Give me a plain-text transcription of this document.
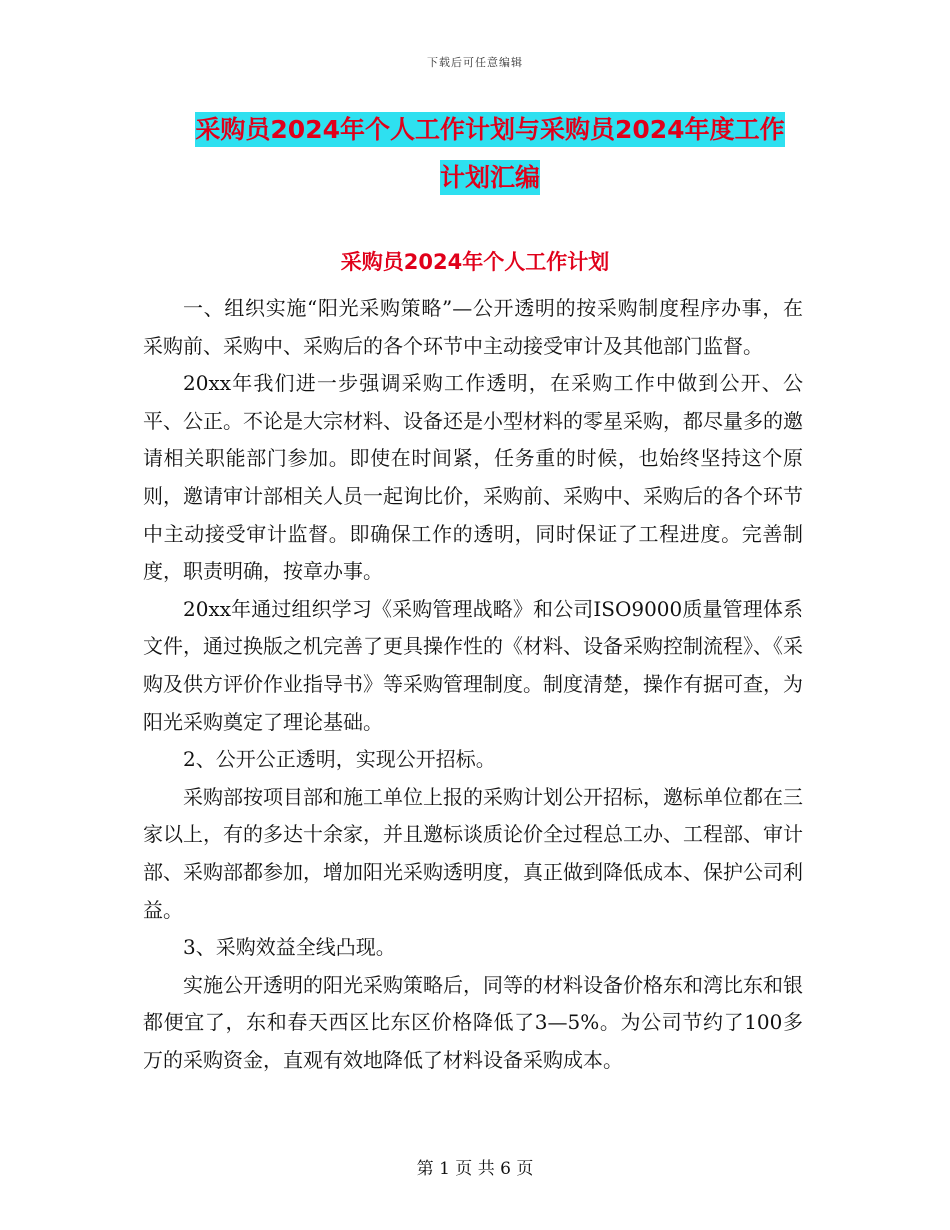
下载后可任意编辑
采购员2024年个人工作计划与采购员2024年度工作
计划汇编
采购员2024年个人工作计划

一、组织实施“阳光采购策略”—公开透明的按采购制度程序办事，在采购前、采购中、采购后的各个环节中主动接受审计及其他部门监督。

20xx年我们进一步强调采购工作透明，在采购工作中做到公开、公平、公正。不论是大宗材料、设备还是小型材料的零星采购，都尽量多的邀请相关职能部门参加。即使在时间紧，任务重的时候，也始终坚持这个原则，邀请审计部相关人员一起询比价，采购前、采购中、采购后的各个环节中主动接受审计监督。即确保工作的透明，同时保证了工程进度。完善制度，职责明确，按章办事。

20xx年通过组织学习《采购管理战略》和公司ISO9000质量管理体系文件，通过换版之机完善了更具操作性的《材料、设备采购控制流程》、《采购及供方评价作业指导书》等采购管理制度。制度清楚，操作有据可查，为阳光采购奠定了理论基础。

2、公开公正透明，实现公开招标。

采购部按项目部和施工单位上报的采购计划公开招标，邀标单位都在三家以上，有的多达十余家，并且邀标谈质论价全过程总工办、工程部、审计部、采购部都参加，增加阳光采购透明度，真正做到降低成本、保护公司利益。

3、采购效益全线凸现。

实施公开透明的阳光采购策略后，同等的材料设备价格东和湾比东和银都便宜了，东和春天西区比东区价格降低了3—5%。为公司节约了100多万的采购资金，直观有效地降低了材料设备采购成本。

第 1 页 共 6 页
